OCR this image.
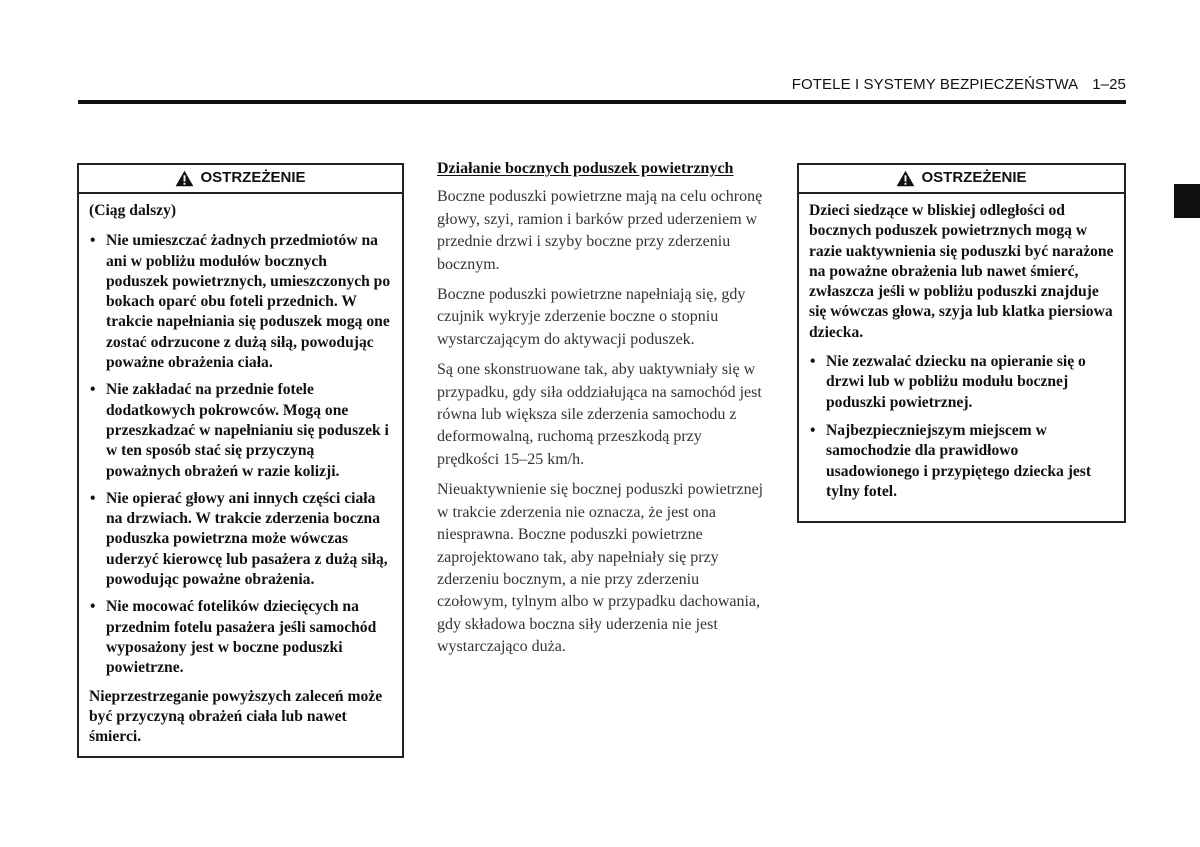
FOTELE I SYSTEMY BEZPIECZEŃSTWA 1–25
OSTRZEŻENIE

(Ciąg dalszy)

• Nie umieszczać żadnych przedmiotów na ani w pobliżu modułów bocznych poduszek powietrznych, umieszczonych po bokach oparć obu foteli przednich. W trakcie napełniania się poduszek mogą one zostać odrzucone z dużą siłą, powodując poważne obrażenia ciała.
• Nie zakładać na przednie fotele dodatkowych pokrowców. Mogą one przeszkadzać w napełnianiu się poduszek i w ten sposób stać się przyczyną poważnych obrażeń w razie kolizji.
• Nie opierać głowy ani innych części ciała na drzwiach. W trakcie zderzenia boczna poduszka powietrzna może wówczas uderzyć kierowcę lub pasażera z dużą siłą, powodując poważne obrażenia.
• Nie mocować fotelików dziecięcych na przednim fotelu pasażera jeśli samochód wyposażony jest w boczne poduszki powietrzne.

Nieprzestrzeganie powyższych zaleceń może być przyczyną obrażeń ciała lub nawet śmierci.

Działanie bocznych poduszek powietrznych

Boczne poduszki powietrzne mają na celu ochronę głowy, szyi, ramion i barków przed uderzeniem w przednie drzwi i szyby boczne przy zderzeniu bocznym.

Boczne poduszki powietrzne napełniają się, gdy czujnik wykryje zderzenie boczne o stopniu wystarczającym do aktywacji poduszek.

Są one skonstruowane tak, aby uaktywniały się w przypadku, gdy siła oddziałująca na samochód jest równa lub większa sile zderzenia samochodu z deformowalną, ruchomą przeszkodą przy prędkości 15–25 km/h.

Nieuaktywnienie się bocznej poduszki powietrznej w trakcie zderzenia nie oznacza, że jest ona niesprawna. Boczne poduszki powietrzne zaprojektowano tak, aby napełniały się przy zderzeniu bocznym, a nie przy zderzeniu czołowym, tylnym albo w przypadku dachowania, gdy składowa boczna siły uderzenia nie jest wystarczająco duża.

OSTRZEŻENIE

Dzieci siedzące w bliskiej odległości od bocznych poduszek powietrznych mogą w razie uaktywnienia się poduszki być narażone na poważne obrażenia lub nawet śmierć, zwłaszcza jeśli w pobliżu poduszki znajduje się wówczas głowa, szyja lub klatka piersiowa dziecka.

• Nie zezwalać dziecku na opieranie się o drzwi lub w pobliżu modułu bocznej poduszki powietrznej.
• Najbezpieczniejszym miejscem w samochodzie dla prawidłowo usadowionego i przypiętego dziecka jest tylny fotel.
